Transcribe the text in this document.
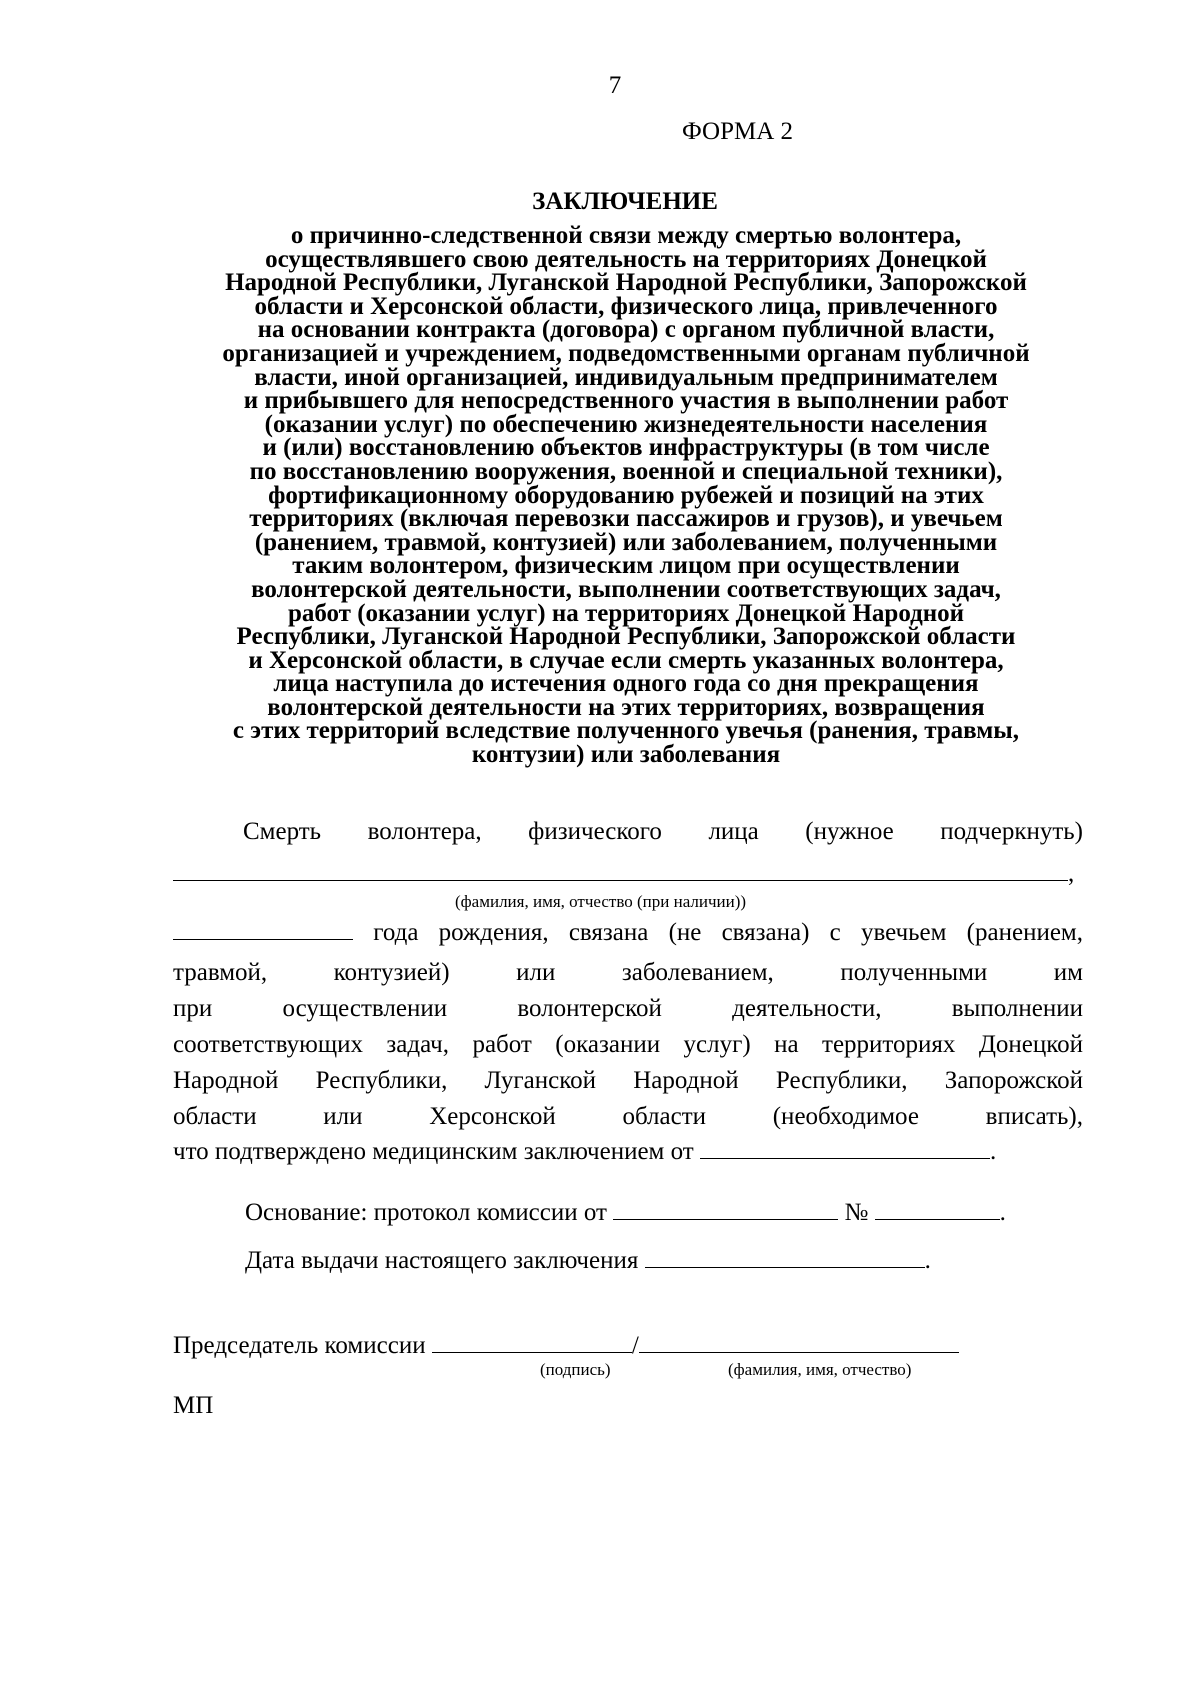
7
ФОРМА 2
ЗАКЛЮЧЕНИЕ
о причинно-следственной связи между смертью волонтера,
осуществлявшего свою деятельность на территориях Донецкой
Народной Республики, Луганской Народной Республики, Запорожской
области и Херсонской области, физического лица, привлеченного
на основании контракта (договора) с органом публичной власти,
организацией и учреждением, подведомственными органам публичной
власти, иной организацией, индивидуальным предпринимателем
и прибывшего для непосредственного участия в выполнении работ
(оказании услуг) по обеспечению жизнедеятельности населения
и (или) восстановлению объектов инфраструктуры (в том числе
по восстановлению вооружения, военной и специальной техники),
фортификационному оборудованию рубежей и позиций на этих
территориях (включая перевозки пассажиров и грузов), и увечьем
(ранением, травмой, контузией) или заболеванием, полученными
таким волонтером, физическим лицом при осуществлении
волонтерской деятельности, выполнении соответствующих задач,
работ (оказании услуг) на территориях Донецкой Народной
Республики, Луганской Народной Республики, Запорожской области
и Херсонской области, в случае если смерть указанных волонтера,
лица наступила до истечения одного года со дня прекращения
волонтерской деятельности на этих территориях, возвращения
с этих территорий вследствие полученного увечья (ранения, травмы,
контузии) или заболевания
Смерть волонтера, физического лица (нужное подчеркнуть)
,
(фамилия, имя, отчество (при наличии))
года рождения, связана (не связана) с увечьем (ранением,
травмой, контузией) или заболеванием, полученными им
при осуществлении волонтерской деятельности, выполнении
соответствующих задач, работ (оказании услуг) на территориях Донецкой
Народной Республики, Луганской Народной Республики, Запорожской
области или Херсонской области (необходимое вписать),
что подтверждено медицинским заключением от	.
Основание: протокол комиссии от	№	.
Дата выдачи настоящего заключения	.
Председатель комиссии	/
(подпись)	(фамилия, имя, отчество)
МП
